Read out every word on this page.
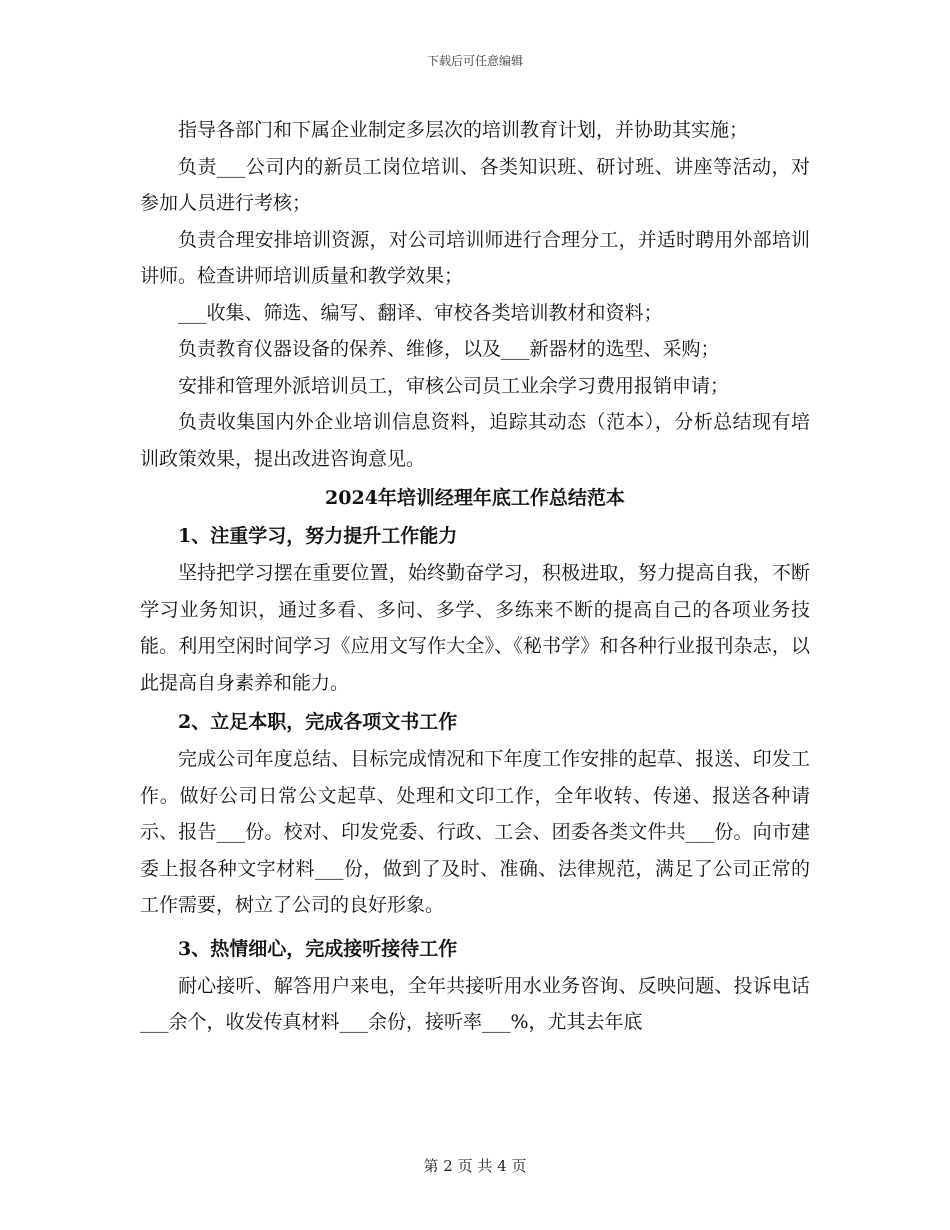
下载后可任意编辑

指导各部门和下属企业制定多层次的培训教育计划，并协助其实施；

负责___公司内的新员工岗位培训、各类知识班、研讨班、讲座等活动，对参加人员进行考核；

负责合理安排培训资源，对公司培训师进行合理分工，并适时聘用外部培训讲师。检查讲师培训质量和教学效果；

___收集、筛选、编写、翻译、审校各类培训教材和资料；

负责教育仪器设备的保养、维修，以及___新器材的选型、采购；

安排和管理外派培训员工，审核公司员工业余学习费用报销申请；

负责收集国内外企业培训信息资料，追踪其动态（范本），分析总结现有培训政策效果，提出改进咨询意见。

2024年培训经理年底工作总结范本

1、注重学习，努力提升工作能力

坚持把学习摆在重要位置，始终勤奋学习，积极进取，努力提高自我，不断学习业务知识，通过多看、多问、多学、多练来不断的提高自己的各项业务技能。利用空闲时间学习《应用文写作大全》、《秘书学》和各种行业报刊杂志，以此提高自身素养和能力。

2、立足本职，完成各项文书工作

完成公司年度总结、目标完成情况和下年度工作安排的起草、报送、印发工作。做好公司日常公文起草、处理和文印工作，全年收转、传递、报送各种请示、报告___份。校对、印发党委、行政、工会、团委各类文件共___份。向市建委上报各种文字材料___份，做到了及时、准确、法律规范，满足了公司正常的工作需要，树立了公司的良好形象。

3、热情细心，完成接听接待工作

耐心接听、解答用户来电，全年共接听用水业务咨询、反映问题、投诉电话___余个，收发传真材料___余份，接听率___%，尤其去年底

第 2 页 共 4 页
